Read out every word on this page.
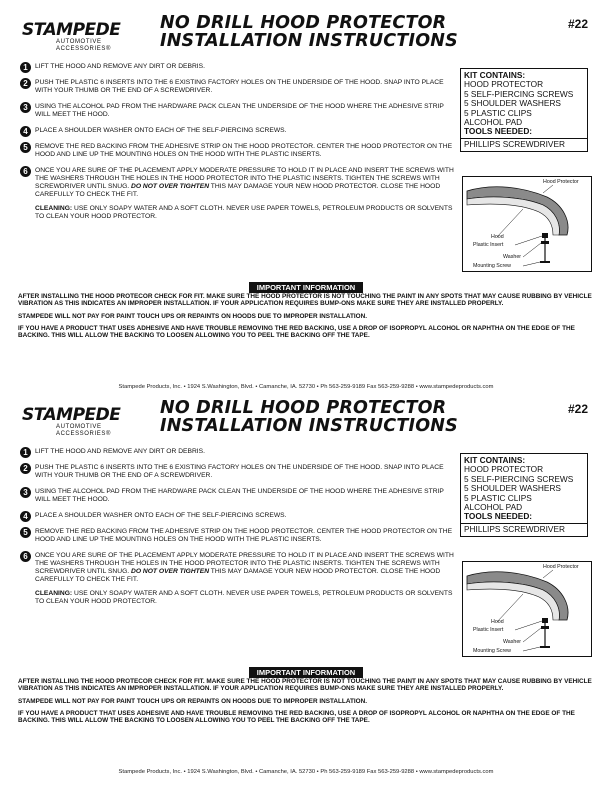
STAMPEDE
AUTOMOTIVE ACCESSORIES®
NO DRILL HOOD PROTECTOR
INSTALLATION INSTRUCTIONS
#22
1	LIFT THE HOOD AND REMOVE ANY DIRT OR DEBRIS.
2	PUSH THE PLASTIC 6 INSERTS INTO THE 6 EXISTING FACTORY HOLES ON THE UNDERSIDE OF THE HOOD. SNAP INTO PLACE WITH YOUR THUMB OR THE END OF A SCREWDRIVER.
3	USING THE ALCOHOL PAD FROM THE HARDWARE PACK CLEAN THE UNDERSIDE OF THE HOOD WHERE THE ADHESIVE STRIP WILL MEET THE HOOD.
4	PLACE A SHOULDER WASHER ONTO EACH OF THE SELF-PIERCING SCREWS.
5	REMOVE THE RED BACKING FROM THE ADHESIVE STRIP ON THE HOOD PROTECTOR. CENTER THE HOOD PROTECTOR ON THE HOOD AND LINE UP THE MOUNTING HOLES ON THE HOOD WITH THE PLASTIC INSERTS.
6	ONCE YOU ARE SURE OF THE PLACEMENT APPLY MODERATE PRESSURE TO HOLD IT IN PLACE AND INSERT THE SCREWS WITH THE WASHERS THROUGH THE HOLES IN THE HOOD PROTECTOR INTO THE PLASTIC INSERTS. TIGHTEN THE SCREWS WITH SCREWDRIVER UNTIL SNUG. DO NOT OVER TIGHTEN THIS MAY DAMAGE YOUR NEW HOOD PROTECTOR. CLOSE THE HOOD CAREFULLY TO CHECK THE FIT.
CLEANING: USE ONLY SOAPY WATER AND A SOFT CLOTH. NEVER USE PAPER TOWELS, PETROLEUM PRODUCTS OR SOLVENTS TO CLEAN YOUR HOOD PROTECTOR.
KIT CONTAINS:
HOOD PROTECTOR
5 SELF-PIERCING SCREWS
5 SHOULDER WASHERS
5 PLASTIC CLIPS
ALCOHOL PAD
TOOLS NEEDED:
PHILLIPS SCREWDRIVER
Hood Protector
Hood
Plastic Insert
Washer
Mounting Screw
IMPORTANT INFORMATION

AFTER INSTALLING THE HOOD PROTECOR CHECK FOR FIT. MAKE SURE THE HOOD PROTECTOR IS NOT TOUCHING THE PAINT IN ANY SPOTS THAT MAY CAUSE RUBBING BY VEHICLE VIBRATION AS THIS INDICATES AN IMPROPER INSTALLATION. IF YOUR APPLICATION REQUIRES BUMP-ONS MAKE SURE THEY ARE INSTALLED PROPERLY.

STAMPEDE WILL NOT PAY FOR PAINT TOUCH UPS OR REPAINTS ON HOODS DUE TO IMPROPER INSTALLATION.

IF YOU HAVE A PRODUCT THAT USES ADHESIVE AND HAVE TROUBLE REMOVING THE RED BACKING, USE A DROP OF ISOPROPYL ALCOHOL OR NAPHTHA ON THE EDGE OF THE BACKING. THIS WILL ALLOW THE BACKING TO LOOSEN ALLOWING YOU TO PEEL THE BACKING OFF THE TAPE.

Stampede Products, Inc. • 1924 S.Washington, Blvd. • Camanche, IA. 52730 • Ph 563-259-9189 Fax 563-259-9288 • www.stampedeproducts.com
STAMPEDE
AUTOMOTIVE ACCESSORIES®
NO DRILL HOOD PROTECTOR
INSTALLATION INSTRUCTIONS
#22
1	LIFT THE HOOD AND REMOVE ANY DIRT OR DEBRIS.
2	PUSH THE PLASTIC 6 INSERTS INTO THE 6 EXISTING FACTORY HOLES ON THE UNDERSIDE OF THE HOOD. SNAP INTO PLACE WITH YOUR THUMB OR THE END OF A SCREWDRIVER.
3	USING THE ALCOHOL PAD FROM THE HARDWARE PACK CLEAN THE UNDERSIDE OF THE HOOD WHERE THE ADHESIVE STRIP WILL MEET THE HOOD.
4	PLACE A SHOULDER WASHER ONTO EACH OF THE SELF-PIERCING SCREWS.
5	REMOVE THE RED BACKING FROM THE ADHESIVE STRIP ON THE HOOD PROTECTOR. CENTER THE HOOD PROTECTOR ON THE HOOD AND LINE UP THE MOUNTING HOLES ON THE HOOD WITH THE PLASTIC INSERTS.
6	ONCE YOU ARE SURE OF THE PLACEMENT APPLY MODERATE PRESSURE TO HOLD IT IN PLACE AND INSERT THE SCREWS WITH THE WASHERS THROUGH THE HOLES IN THE HOOD PROTECTOR INTO THE PLASTIC INSERTS. TIGHTEN THE SCREWS WITH SCREWDRIVER UNTIL SNUG. DO NOT OVER TIGHTEN THIS MAY DAMAGE YOUR NEW HOOD PROTECTOR. CLOSE THE HOOD CAREFULLY TO CHECK THE FIT.
CLEANING: USE ONLY SOAPY WATER AND A SOFT CLOTH. NEVER USE PAPER TOWELS, PETROLEUM PRODUCTS OR SOLVENTS TO CLEAN YOUR HOOD PROTECTOR.
KIT CONTAINS:
HOOD PROTECTOR
5 SELF-PIERCING SCREWS
5 SHOULDER WASHERS
5 PLASTIC CLIPS
ALCOHOL PAD
TOOLS NEEDED:
PHILLIPS SCREWDRIVER
Hood Protector
Hood
Plastic Insert
Washer
Mounting Screw
IMPORTANT INFORMATION

AFTER INSTALLING THE HOOD PROTECOR CHECK FOR FIT. MAKE SURE THE HOOD PROTECTOR IS NOT TOUCHING THE PAINT IN ANY SPOTS THAT MAY CAUSE RUBBING BY VEHICLE VIBRATION AS THIS INDICATES AN IMPROPER INSTALLATION. IF YOUR APPLICATION REQUIRES BUMP-ONS MAKE SURE THEY ARE INSTALLED PROPERLY.

STAMPEDE WILL NOT PAY FOR PAINT TOUCH UPS OR REPAINTS ON HOODS DUE TO IMPROPER INSTALLATION.

IF YOU HAVE A PRODUCT THAT USES ADHESIVE AND HAVE TROUBLE REMOVING THE RED BACKING, USE A DROP OF ISOPROPYL ALCOHOL OR NAPHTHA ON THE EDGE OF THE BACKING. THIS WILL ALLOW THE BACKING TO LOOSEN ALLOWING YOU TO PEEL THE BACKING OFF THE TAPE.

Stampede Products, Inc. • 1924 S.Washington, Blvd. • Camanche, IA. 52730 • Ph 563-259-9189 Fax 563-259-9288 • www.stampedeproducts.com
